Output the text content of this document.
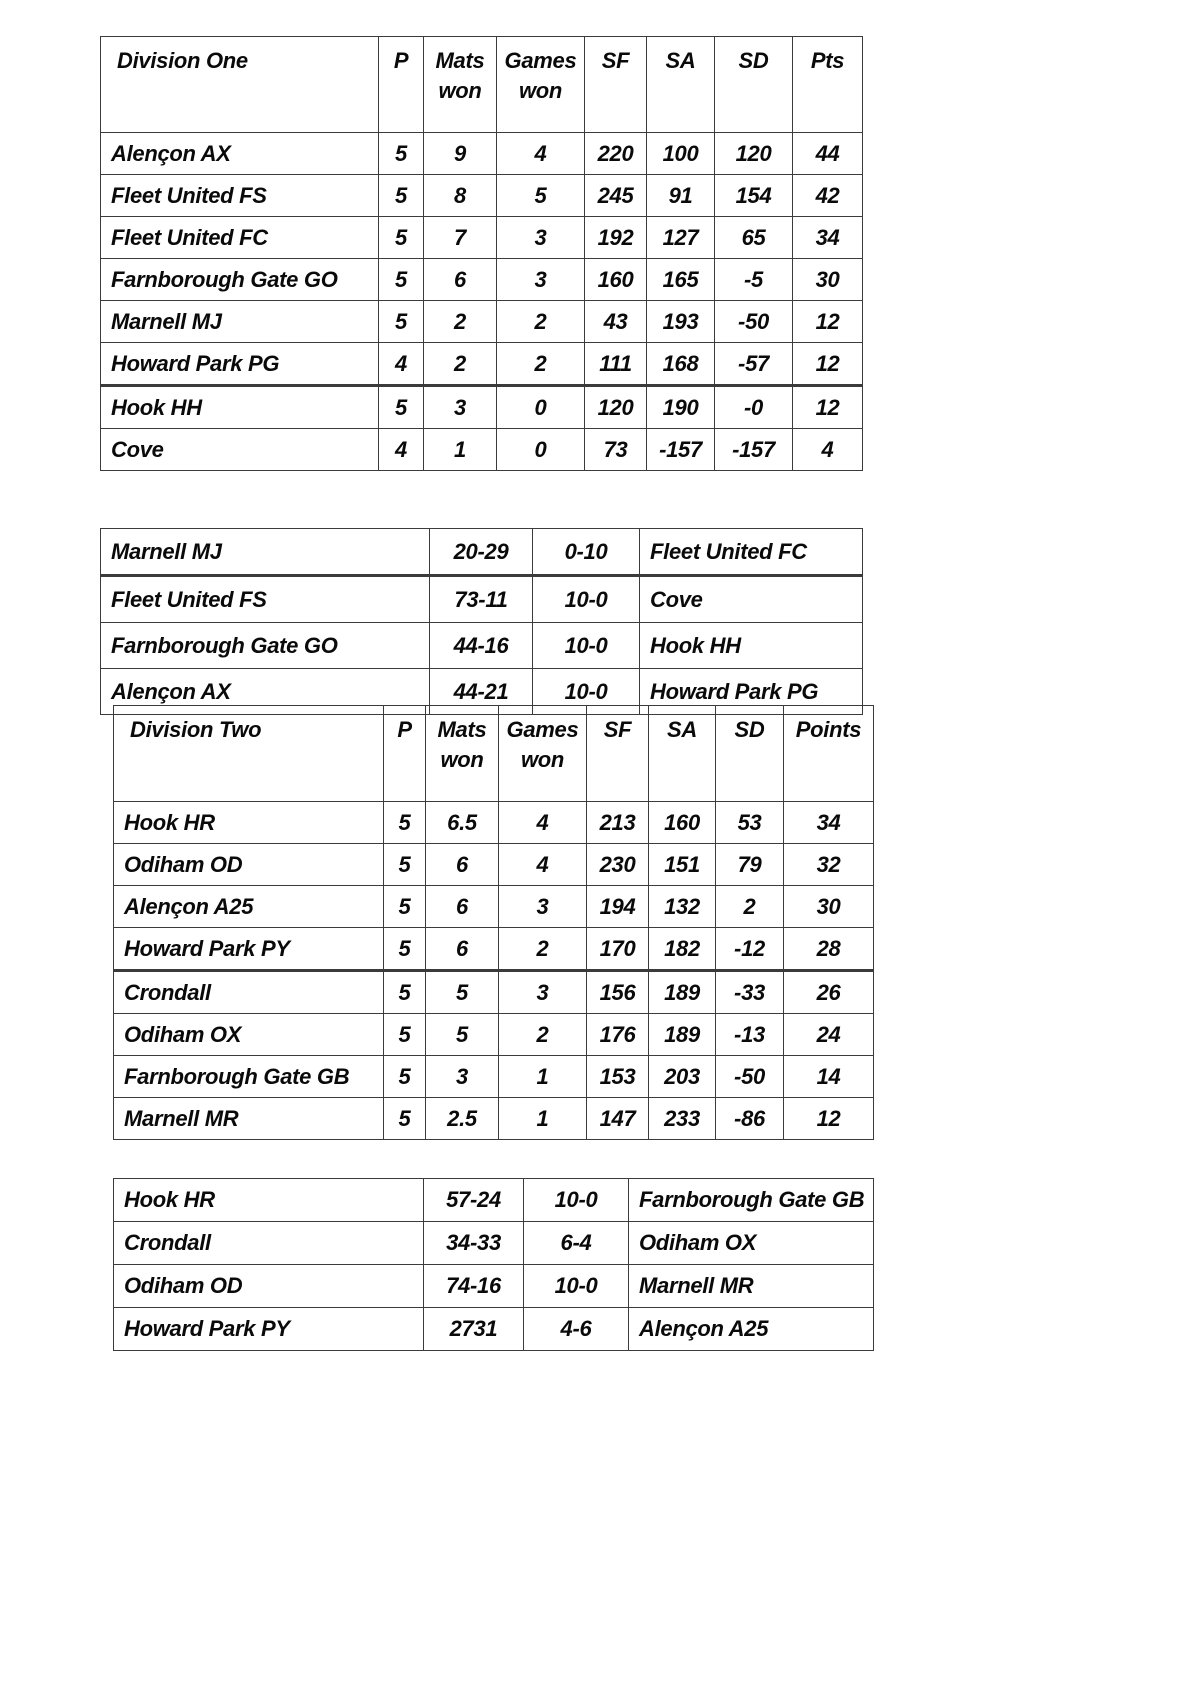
Division One	P	Mats won	Games won	SF	SA	SD	Pts
Alençon AX	5	9	4	220	100	120	44
Fleet United FS	5	8	5	245	91	154	42
Fleet United FC	5	7	3	192	127	65	34
Farnborough Gate GO	5	6	3	160	165	-5	30
Marnell MJ	5	2	2	43	193	-50	12
Howard Park PG	4	2	2	111	168	-57	12
Hook HH	5	3	0	120	190	-0	12
Cove	4	1	0	73	-157	-157	4
Marnell MJ	20-29	0-10	Fleet United FC
Fleet United FS	73-11	10-0	Cove
Farnborough Gate GO	44-16	10-0	Hook HH
Alençon AX	44-21	10-0	Howard Park PG
Division Two	P	Mats won	Games won	SF	SA	SD	Points
Hook HR	5	6.5	4	213	160	53	34
Odiham OD	5	6	4	230	151	79	32
Alençon A25	5	6	3	194	132	2	30
Howard Park PY	5	6	2	170	182	-12	28
Crondall	5	5	3	156	189	-33	26
Odiham OX	5	5	2	176	189	-13	24
Farnborough Gate GB	5	3	1	153	203	-50	14
Marnell MR	5	2.5	1	147	233	-86	12
Hook HR	57-24	10-0	Farnborough Gate GB
Crondall	34-33	6-4	Odiham OX
Odiham OD	74-16	10-0	Marnell MR
Howard Park PY	2731	4-6	Alençon A25
